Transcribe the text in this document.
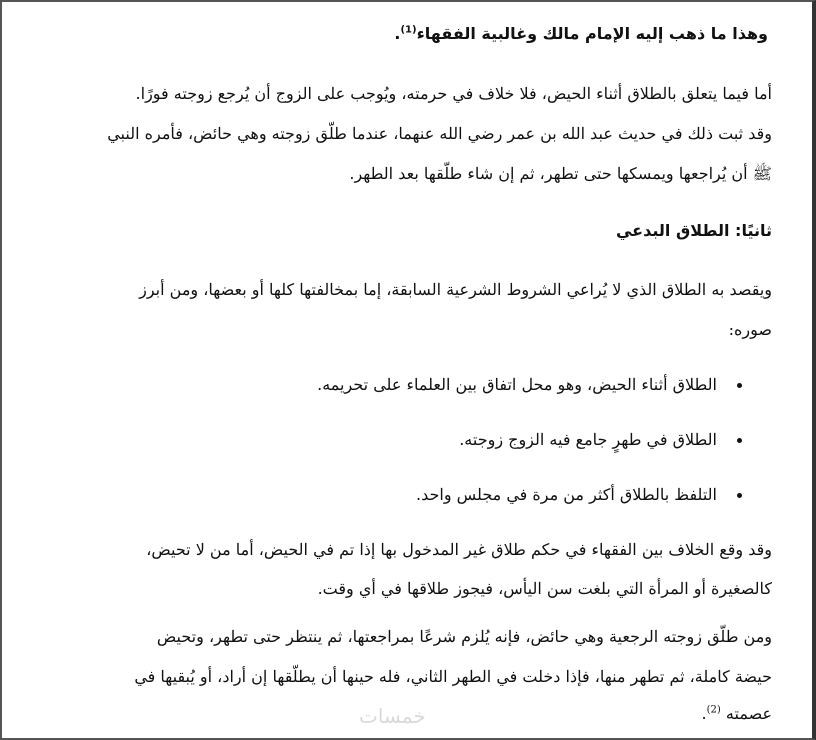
وهذا ما ذهب إليه الإمام مالك وغالبية الفقهاء$^{(1)}$.
أما فيما يتعلق بالطلاق أثناء الحيض، فلا خلاف في حرمته، ويُوجب على الزوج أن يُرجع زوجته فورًا.
وقد ثبت ذلك في حديث عبد الله بن عمر رضي الله عنهما، عندما طلّق زوجته وهي حائض، فأمره النبي
ﷺ أن يُراجعها ويمسكها حتى تطهر، ثم إن شاء طلّقها بعد الطهر.
ثانيًا: الطلاق البدعي
ويقصد به الطلاق الذي لا يُراعي الشروط الشرعية السابقة، إما بمخالفتها كلها أو بعضها، ومن أبرز
صوره:
الطلاق أثناء الحيض، وهو محل اتفاق بين العلماء على تحريمه.
الطلاق في طهرٍ جامع فيه الزوج زوجته.
التلفظ بالطلاق أكثر من مرة في مجلس واحد.
وقد وقع الخلاف بين الفقهاء في حكم طلاق غير المدخول بها إذا تم في الحيض، أما من لا تحيض،
كالصغيرة أو المرأة التي بلغت سن اليأس، فيجوز طلاقها في أي وقت.
ومن طلّق زوجته الرجعية وهي حائض، فإنه يُلزم شرعًا بمراجعتها، ثم ينتظر حتى تطهر، وتحيض
حيضة كاملة، ثم تطهر منها، فإذا دخلت في الطهر الثاني، فله حينها أن يطلّقها إن أراد، أو يُبقيها في
عصمته $^{(2)}$.
خمسات
